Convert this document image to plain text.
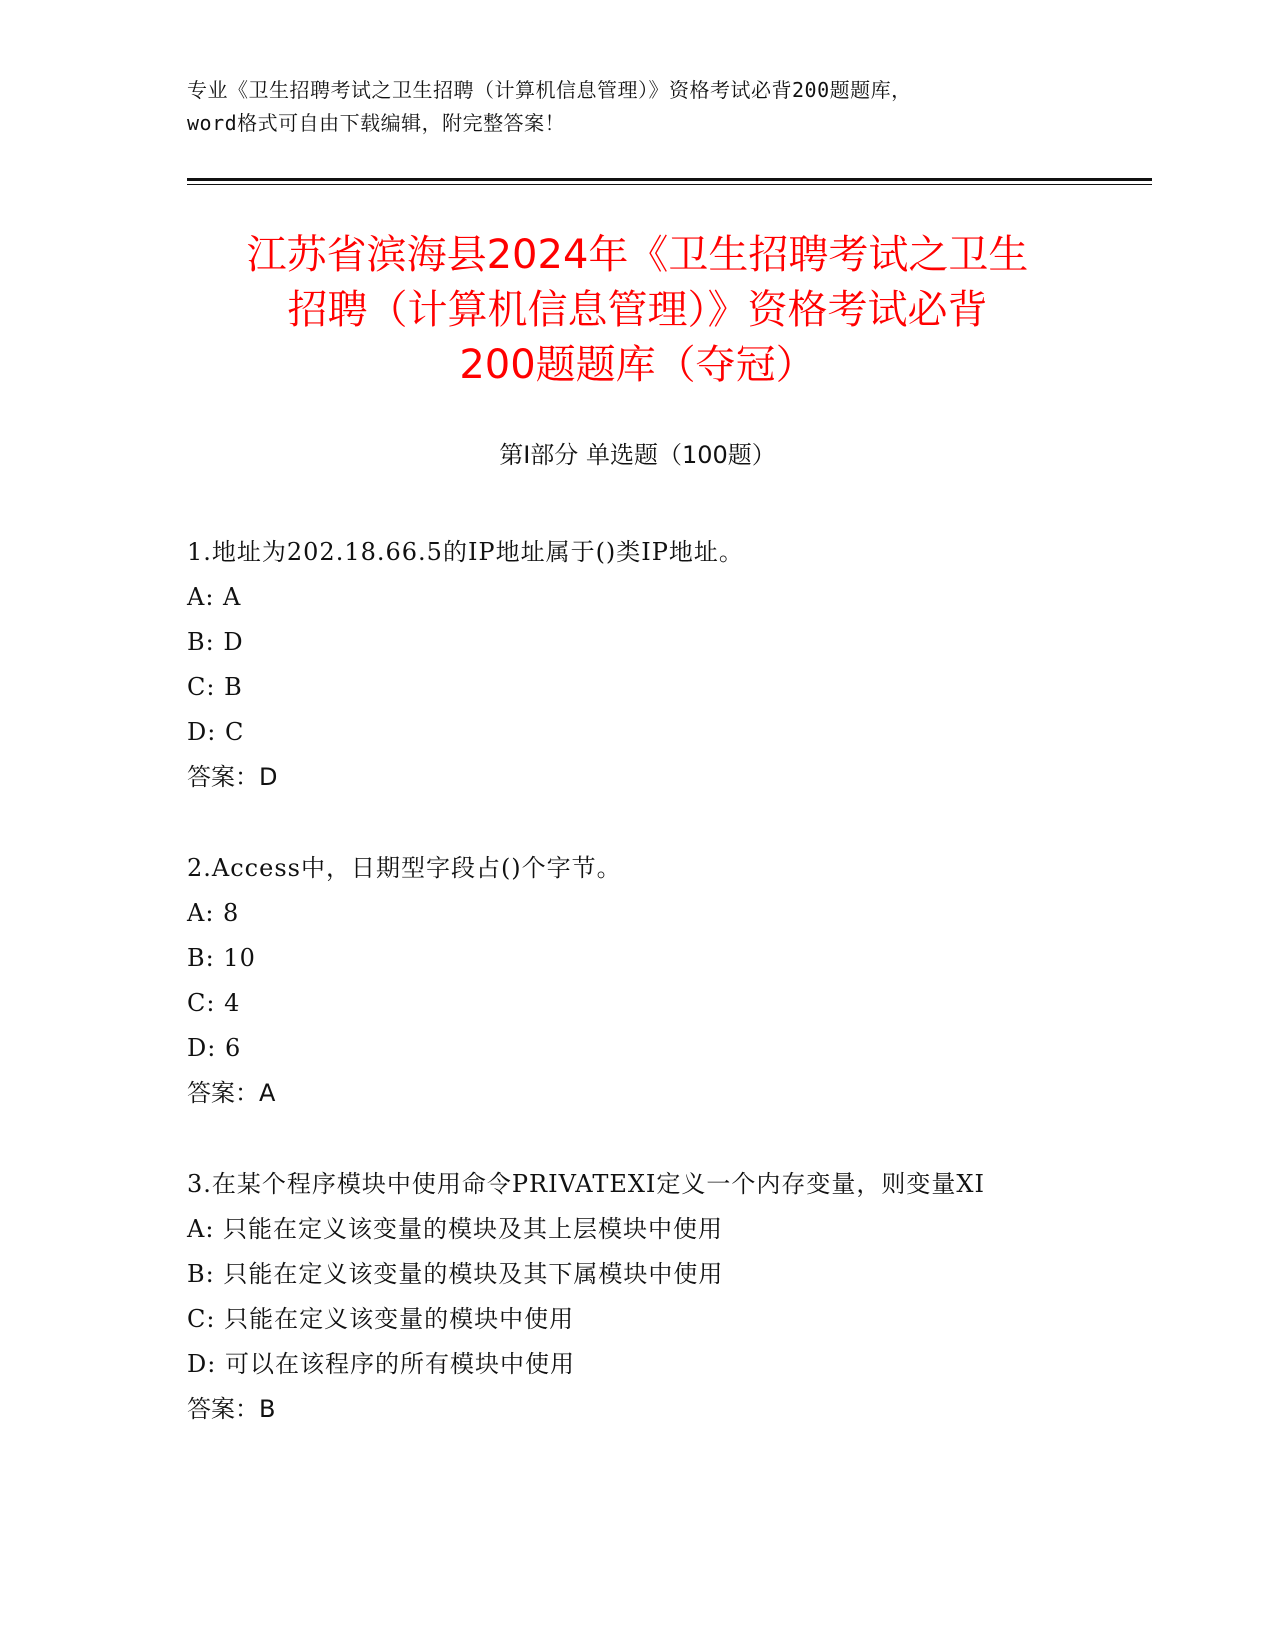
专业《卫生招聘考试之卫生招聘（计算机信息管理）》资格考试必背200题题库，
word格式可自由下载编辑，附完整答案！
江苏省滨海县2024年《卫生招聘考试之卫生
招聘（计算机信息管理）》资格考试必背
200题题库（夺冠）
第Ⅰ部分 单选题（100题）
1.地址为202.18.66.5的IP地址属于()类IP地址。
A: A
B: D
C: B
D: C
答案：D
2.Access中，日期型字段占()个字节。
A: 8
B: 10
C: 4
D: 6
答案：A
3.在某个程序模块中使用命令PRIVATEXI定义一个内存变量，则变量XI
A: 只能在定义该变量的模块及其上层模块中使用
B: 只能在定义该变量的模块及其下属模块中使用
C: 只能在定义该变量的模块中使用
D: 可以在该程序的所有模块中使用
答案：B
